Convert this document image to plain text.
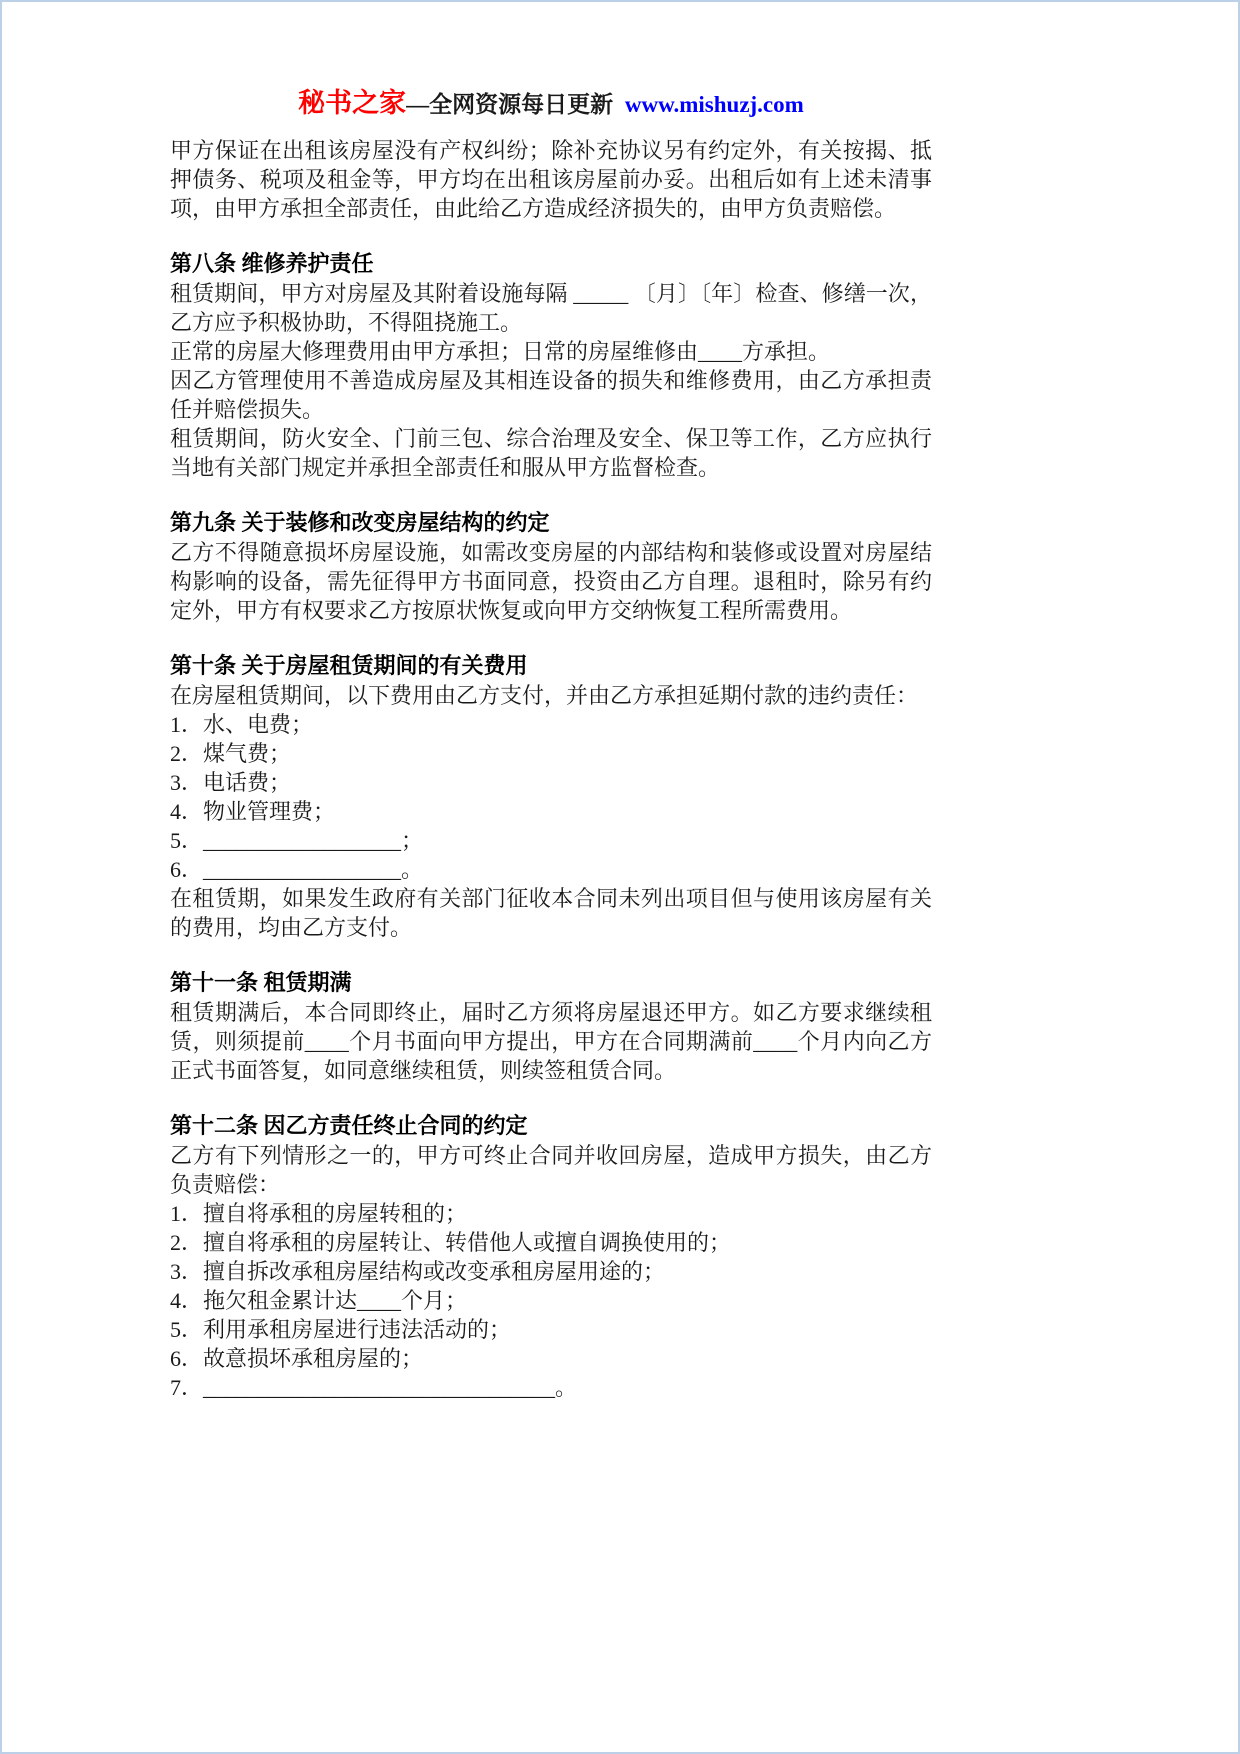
秘书之家—全网资源每日更新 www.mishuzj.com

甲方保证在出租该房屋没有产权纠纷；除补充协议另有约定外，有关按揭、抵押债务、税项及租金等，甲方均在出租该房屋前办妥。出租后如有上述未清事项，由甲方承担全部责任，由此给乙方造成经济损失的，由甲方负责赔偿。

第八条 维修养护责任

租赁期间，甲方对房屋及其附着设施每隔 _____ 〔月〕〔年〕检查、修缮一次，乙方应予积极协助，不得阻挠施工。

正常的房屋大修理费用由甲方承担；日常的房屋维修由____方承担。

因乙方管理使用不善造成房屋及其相连设备的损失和维修费用，由乙方承担责任并赔偿损失。

租赁期间，防火安全、门前三包、综合治理及安全、保卫等工作，乙方应执行当地有关部门规定并承担全部责任和服从甲方监督检查。

第九条 关于装修和改变房屋结构的约定

乙方不得随意损坏房屋设施，如需改变房屋的内部结构和装修或设置对房屋结构影响的设备，需先征得甲方书面同意，投资由乙方自理。退租时，除另有约定外，甲方有权要求乙方按原状恢复或向甲方交纳恢复工程所需费用。

第十条 关于房屋租赁期间的有关费用

在房屋租赁期间，以下费用由乙方支付，并由乙方承担延期付款的违约责任：

1．水、电费；

2．煤气费；

3．电话费；

4．物业管理费；

5．__________________；

6．__________________。

在租赁期，如果发生政府有关部门征收本合同未列出项目但与使用该房屋有关的费用，均由乙方支付。

第十一条 租赁期满

租赁期满后，本合同即终止，届时乙方须将房屋退还甲方。如乙方要求继续租赁，则须提前____个月书面向甲方提出，甲方在合同期满前____个月内向乙方正式书面答复，如同意继续租赁，则续签租赁合同。

第十二条 因乙方责任终止合同的约定

乙方有下列情形之一的，甲方可终止合同并收回房屋，造成甲方损失，由乙方负责赔偿：

1．擅自将承租的房屋转租的；

2．擅自将承租的房屋转让、转借他人或擅自调换使用的；

3．擅自拆改承租房屋结构或改变承租房屋用途的；

4．拖欠租金累计达____个月；

5．利用承租房屋进行违法活动的；

6．故意损坏承租房屋的；

7．________________________________。
